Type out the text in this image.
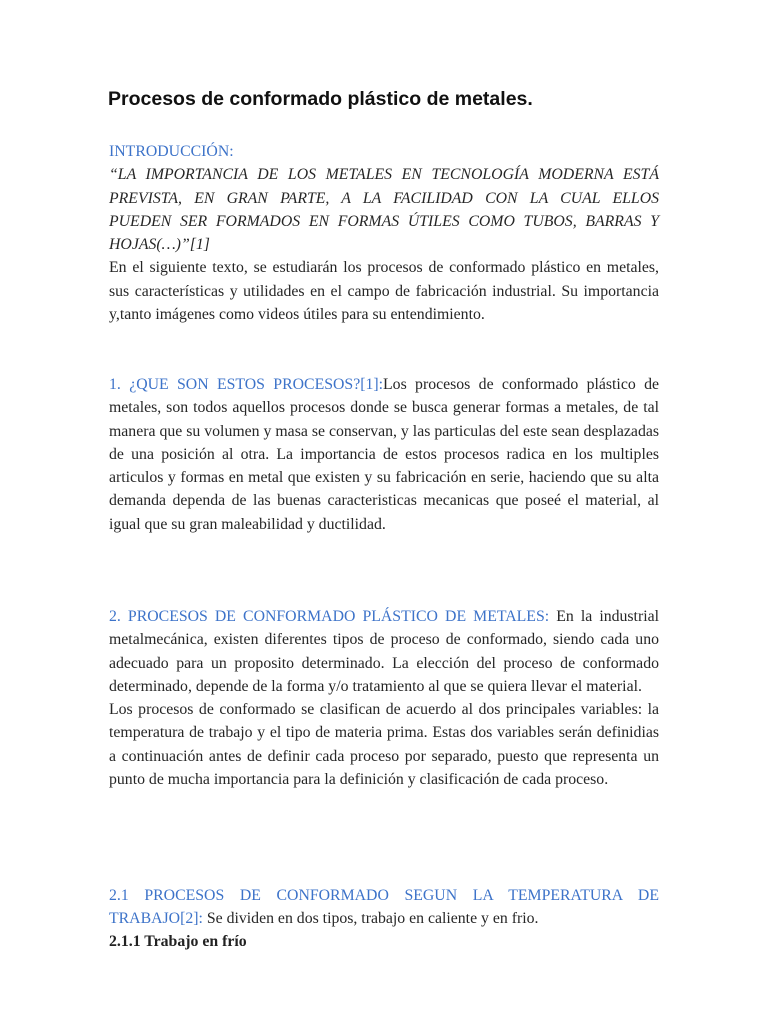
Procesos de conformado plástico de metales.
INTRODUCCIÓN:
“LA IMPORTANCIA DE LOS METALES EN TECNOLOGÍA MODERNA ESTÁ
PREVISTA, EN GRAN PARTE, A LA FACILIDAD CON LA CUAL ELLOS
PUEDEN SER FORMADOS EN FORMAS ÚTILES COMO TUBOS, BARRAS Y
HOJAS(…)”[1]
En el siguiente texto, se estudiarán los procesos de conformado plástico en metales, sus características y utilidades en el campo de fabricación industrial. Su importancia y,tanto imágenes como videos útiles para su entendimiento.
1. ¿QUE SON ESTOS PROCESOS?[1]:Los procesos de conformado plástico de metales, son todos aquellos procesos donde se busca generar formas a metales, de tal manera que su volumen y masa se conservan, y las particulas del este sean desplazadas de una posición al otra. La importancia de estos procesos radica en los multiples articulos y formas en metal que existen y su fabricación en serie, haciendo que su alta demanda dependa de las buenas caracteristicas mecanicas que poseé el material, al igual que su gran maleabilidad y ductilidad.
2. PROCESOS DE CONFORMADO PLÁSTICO DE METALES: En la industrial metalmecánica, existen diferentes tipos de proceso de conformado, siendo cada uno adecuado para un proposito determinado. La elección del proceso de conformado determinado, depende de la forma y/o tratamiento al que se quiera llevar el material.
Los procesos de conformado se clasifican de acuerdo al dos principales variables: la temperatura de trabajo y el tipo de materia prima. Estas dos variables serán definidias a continuación antes de definir cada proceso por separado, puesto que representa un punto de mucha importancia para la definición y clasificación de cada proceso.
2.1 PROCESOS DE CONFORMADO SEGUN LA TEMPERATURA DE TRABAJO[2]: Se dividen en dos tipos, trabajo en caliente y en frio.
2.1.1 Trabajo en frío
